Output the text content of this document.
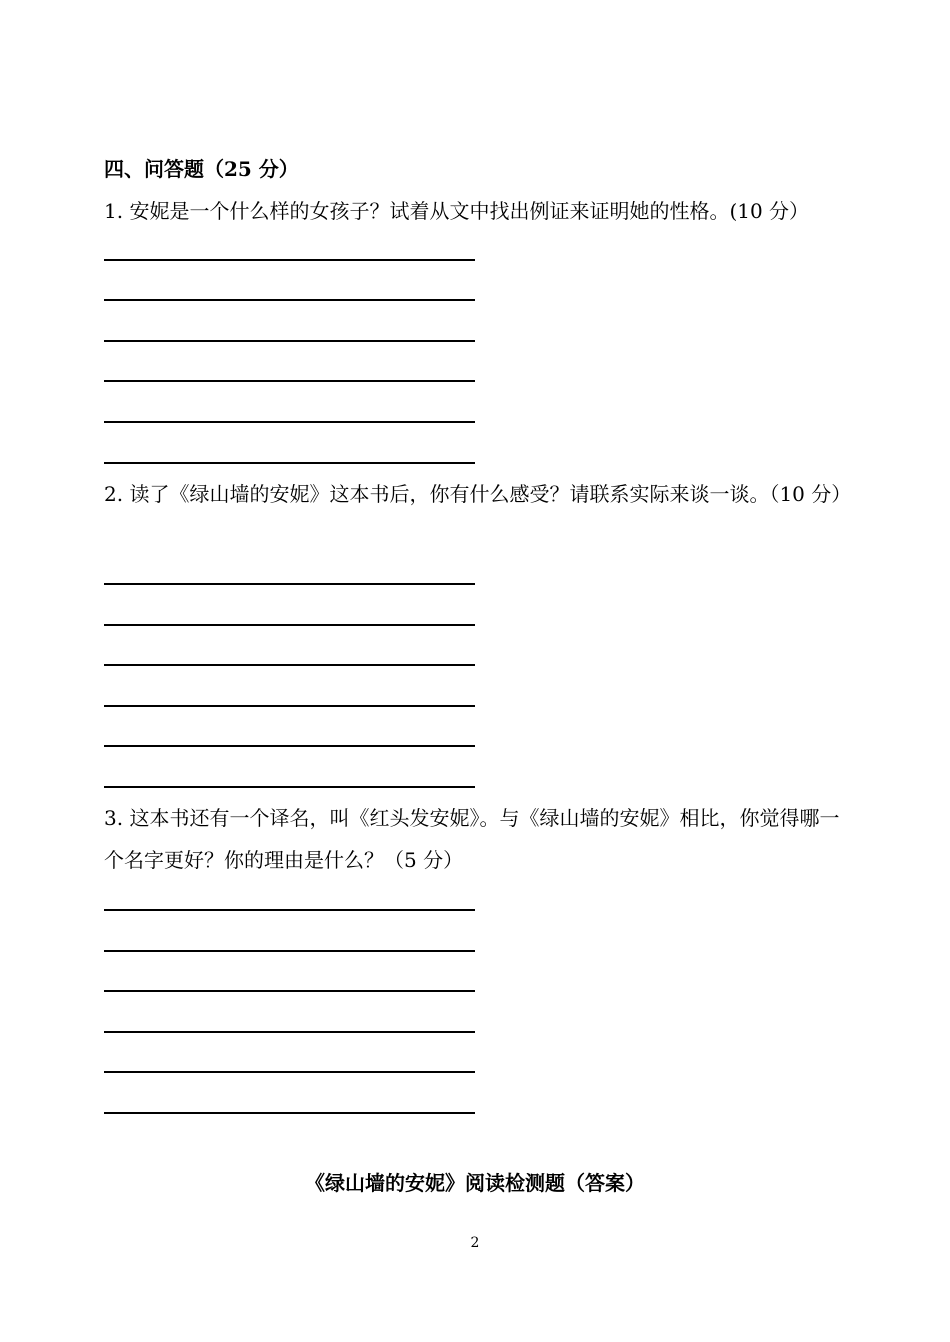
四、问答题（25 分）
1. 安妮是一个什么样的女孩子？试着从文中找出例证来证明她的性格。(10 分）
2. 读了《绿山墙的安妮》这本书后，你有什么感受？请联系实际来谈一谈。（10 分）
3. 这本书还有一个译名，叫《红头发安妮》。与《绿山墙的安妮》相比，你觉得哪一个名字更好？你的理由是什么？（5 分）
《绿山墙的安妮》阅读检测题（答案）
2
